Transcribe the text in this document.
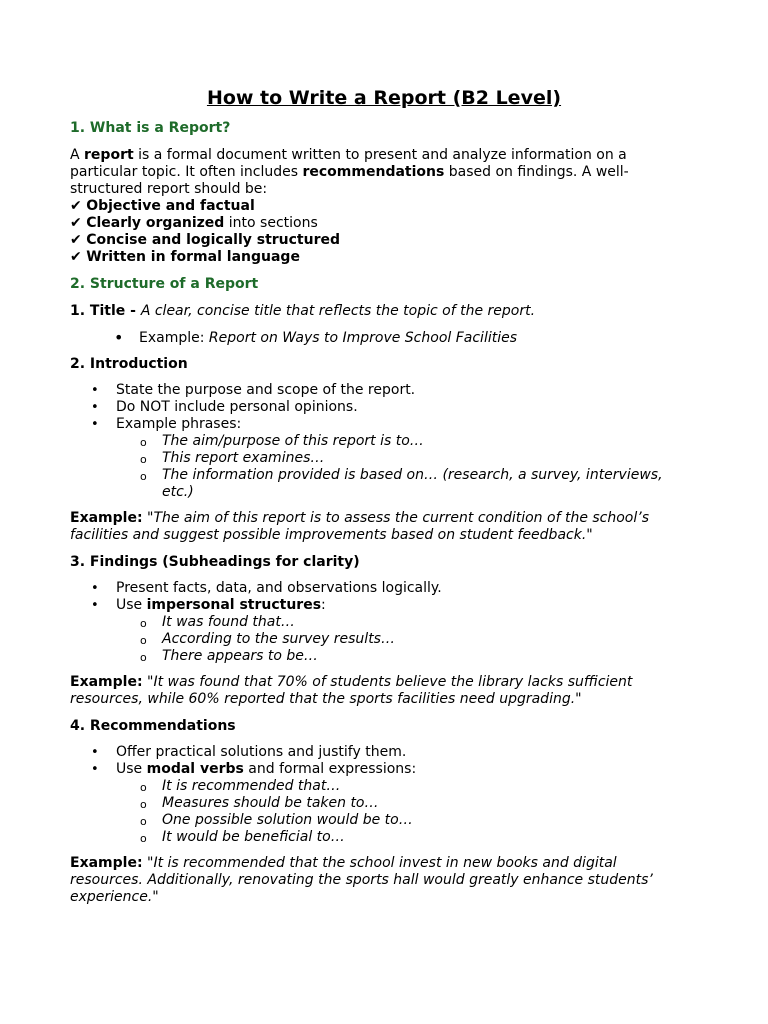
How to Write a Report (B2 Level)
1. What is a Report?

A report is a formal document written to present and analyze information on a particular topic. It often includes recommendations based on findings. A well-structured report should be:

✔ Objective and factual
✔ Clearly organized into sections
✔ Concise and logically structured
✔ Written in formal language
2. Structure of a Report

1. Title - A clear, concise title that reflects the topic of the report.

• Example: Report on Ways to Improve School Facilities
2. Introduction
• State the purpose and scope of the report.
• Do NOT include personal opinions.
• Example phrases:
o The aim/purpose of this report is to…
o This report examines…
o The information provided is based on… (research, a survey, interviews, etc.)

Example: "The aim of this report is to assess the current condition of the school’s facilities and suggest possible improvements based on student feedback."

3. Findings (Subheadings for clarity)
• Present facts, data, and observations logically.
• Use impersonal structures:
o It was found that…
o According to the survey results…
o There appears to be…

Example: "It was found that 70% of students believe the library lacks sufficient resources, while 60% reported that the sports facilities need upgrading."

4. Recommendations
• Offer practical solutions and justify them.
• Use modal verbs and formal expressions:
o It is recommended that…
o Measures should be taken to…
o One possible solution would be to…
o It would be beneficial to…

Example: "It is recommended that the school invest in new books and digital resources. Additionally, renovating the sports hall would greatly enhance students’ experience."
